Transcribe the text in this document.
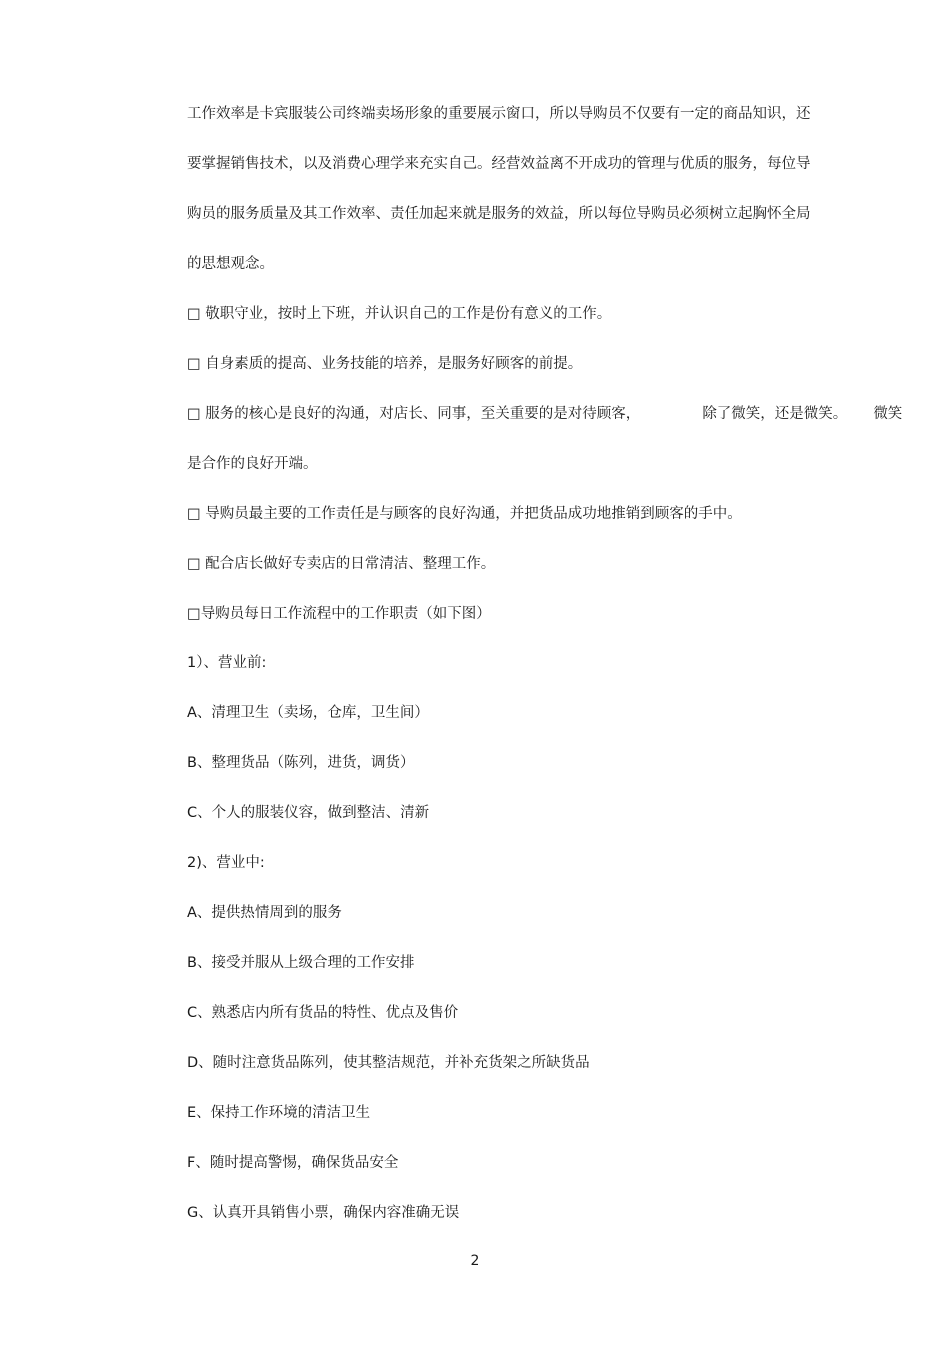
工作效率是卡宾服装公司终端卖场形象的重要展示窗口，所以导购员不仅要有一定的商品知识，还
要掌握销售技术，以及消费心理学来充实自己。经营效益离不开成功的管理与优质的服务，每位导
购员的服务质量及其工作效率、责任加起来就是服务的效益，所以每位导购员必须树立起胸怀全局
的思想观念。
□ 敬职守业，按时上下班，并认识自己的工作是份有意义的工作。
□ 自身素质的提高、业务技能的培养，是服务好顾客的前提。
□ 服务的核心是良好的沟通，对店长、同事，至关重要的是对待顾客，	除了微笑，还是微笑。 微笑
是合作的良好开端。
□ 导购员最主要的工作责任是与顾客的良好沟通，并把货品成功地推销到顾客的手中。
□ 配合店长做好专卖店的日常清洁、整理工作。
□导购员每日工作流程中的工作职责（如下图）
1）、营业前:
A、清理卫生（卖场，仓库，卫生间）
B、整理货品（陈列，进货，调货）
C、个人的服装仪容，做到整洁、清新
2)、营业中:
A、提供热情周到的服务
B、接受并服从上级合理的工作安排
C、熟悉店内所有货品的特性、优点及售价
D、随时注意货品陈列，使其整洁规范，并补充货架之所缺货品
E、保持工作环境的清洁卫生
F、随时提高警惕，确保货品安全
G、认真开具销售小票，确保内容准确无误
2
